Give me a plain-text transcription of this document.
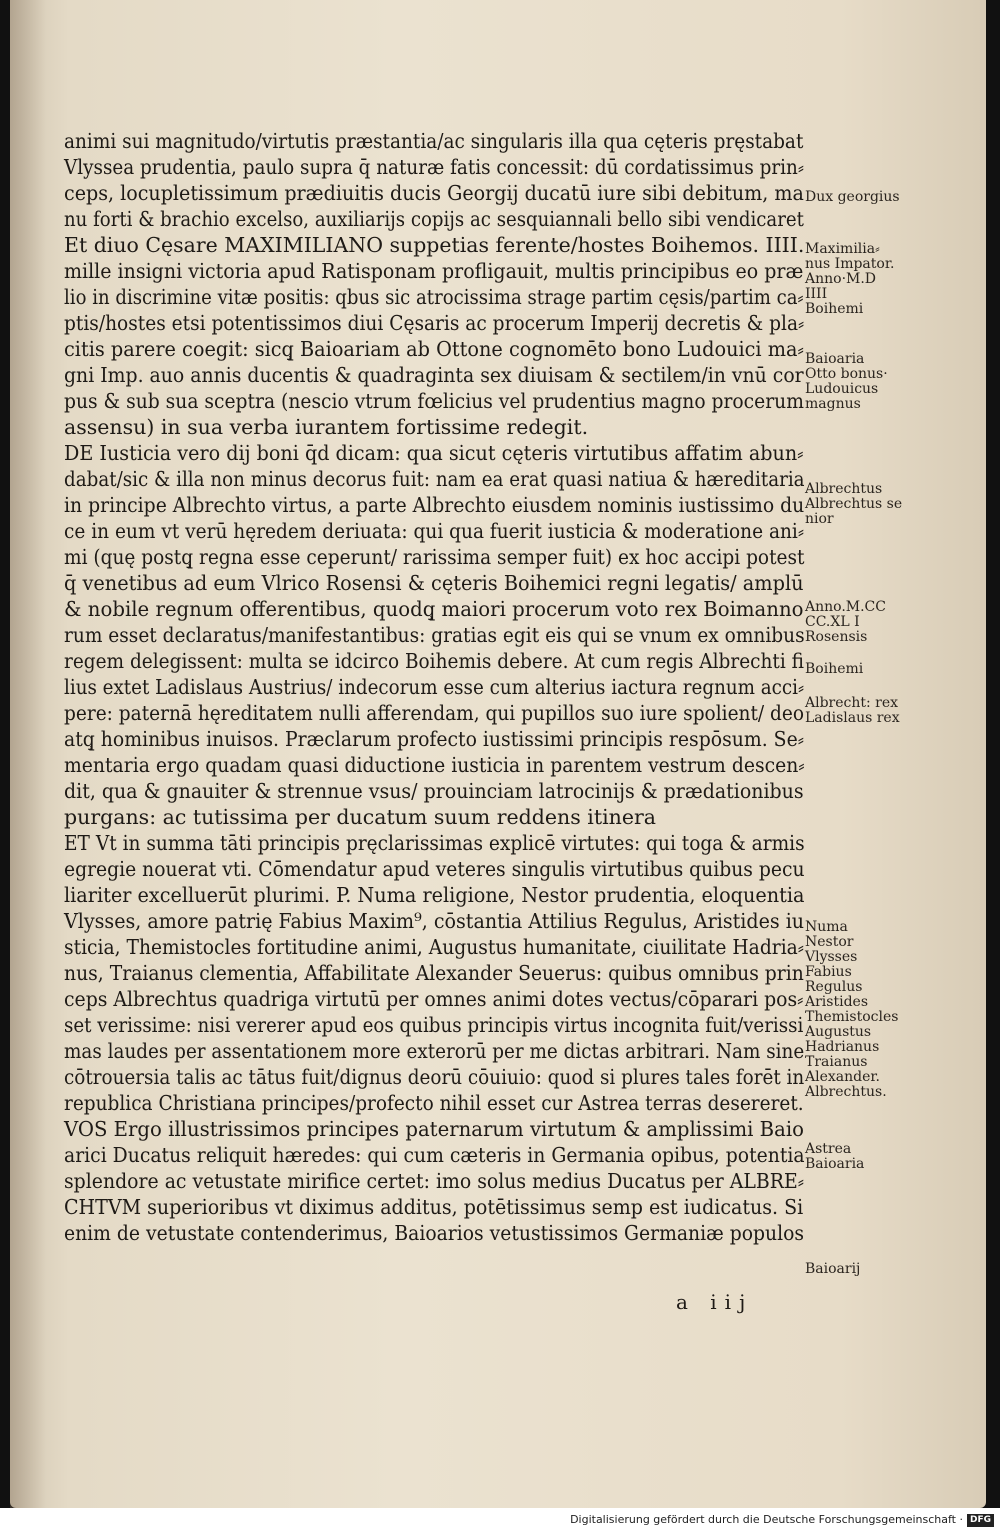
animi sui magnitudo/virtutis præstantia/ac singularis illa qua cęteris pręstabat
Vlyssea prudentia, paulo supra q̄ naturæ fatis concessit: dū cordatissimus prin⸗
ceps, locupletissimum prædiuitis ducis Georgij ducatū iure sibi debitum, ma
nu forti & brachio excelso, auxiliarijs copijs ac sesquiannali bello sibi vendicaret
Et diuo Cęsare MAXIMILIANO suppetias ferente/hostes Boihemos. IIII.
mille insigni victoria apud Ratisponam profligauit, multis principibus eo præ
lio in discrimine vitæ positis: qbus sic atrocissima strage partim cęsis/partim ca⸗
ptis/hostes etsi potentissimos diui Cęsaris ac procerum Imperij decretis & pla⸗
citis parere coegit: sicq̧ Baioariam ab Ottone cognomēto bono Ludouici ma⸗
gni Imp. auo annis ducentis & quadraginta sex diuisam & sectilem/in vnū cor
pus & sub sua sceptra (nescio vtrum fœlicius vel prudentius magno procerum
assensu) in sua verba iurantem fortissime redegit.
DE Iusticia vero dij boni q̄d dicam: qua sicut cęteris virtutibus affatim abun⸗
dabat/sic & illa non minus decorus fuit: nam ea erat quasi natiua & hæreditaria
in principe Albrechto virtus, a parte Albrechto eiusdem nominis iustissimo du
ce in eum vt verū hęredem deriuata: qui qua fuerit iusticia & moderatione ani⸗
mi (quę postq̧ regna esse ceperunt/ rarissima semper fuit) ex hoc accipi potest
q̄ venetibus ad eum Vlrico Rosensi & cęteris Boihemici regni legatis/ amplū
& nobile regnum offerentibus, quodq̧ maiori procerum voto rex Boimanno
rum esset declaratus/manifestantibus: gratias egit eis qui se vnum ex omnibus
regem delegissent: multa se idcirco Boihemis debere. At cum regis Albrechti fi
lius extet Ladislaus Austrius/ indecorum esse cum alterius iactura regnum acci⸗
pere: paternā hęreditatem nulli afferendam, qui pupillos suo iure spolient/ deo
atq̧ hominibus inuisos. Præclarum profecto iustissimi principis respōsum. Se⸗
mentaria ergo quadam quasi diductione iusticia in parentem vestrum descen⸗
dit, qua & gnauiter & strennue vsus/ prouinciam latrocinijs & prædationibus
purgans: ac tutissima per ducatum suum reddens itinera
ET Vt in summa tāti principis pręclarissimas explicē virtutes: qui toga & armis
egregie nouerat vti. Cōmendatur apud veteres singulis virtutibus quibus pecu
liariter excelluerūt plurimi. P. Numa religione, Nestor prudentia, eloquentia
Vlysses, amore patrię Fabius Maxim⁹, cōstantia Attilius Regulus, Aristides iu
sticia, Themistocles fortitudine animi, Augustus humanitate, ciuilitate Hadria⸗
nus, Traianus clementia, Affabilitate Alexander Seuerus: quibus omnibus prin
ceps Albrechtus quadriga virtutū per omnes animi dotes vectus/cōparari pos⸗
set verissime: nisi vererer apud eos quibus principis virtus incognita fuit/verissi
mas laudes per assentationem more exterorū per me dictas arbitrari. Nam sine
cōtrouersia talis ac tātus fuit/dignus deorū cōuiuio: quod si plures tales forēt in
republica Christiana principes/profecto nihil esset cur Astrea terras desereret.
VOS Ergo illustrissimos principes paternarum virtutum & amplissimi Baio
arici Ducatus reliquit hæredes: qui cum cæteris in Germania opibus, potentia
splendore ac vetustate mirifice certet: imo solus medius Ducatus per ALBRE⸗
CHTVM superioribus vt diximus additus, potētissimus semp est iudicatus. Si
enim de vetustate contenderimus, Baioarios vetustissimos Germaniæ populos
a iij
Dux georgius
Maximilia⸗
nus Impator.
Anno·M.D
IIII
Boihemi
Baioaria
Otto bonus·
Ludouicus
magnus
Albrechtus
Albrechtus se
nior
Anno.M.CC
CC.XL I
Rosensis
Boihemi
Albrecht: rex
Ladislaus rex
Numa
Nestor
Vlysses
Fabius
Regulus
Aristides
Themistocles
Augustus
Hadrianus
Traianus
Alexander.
Albrechtus.
Astrea
Baioaria
Baioarij
Digitalisierung gefördert durch die Deutsche Forschungsgemeinschaft · DFG
